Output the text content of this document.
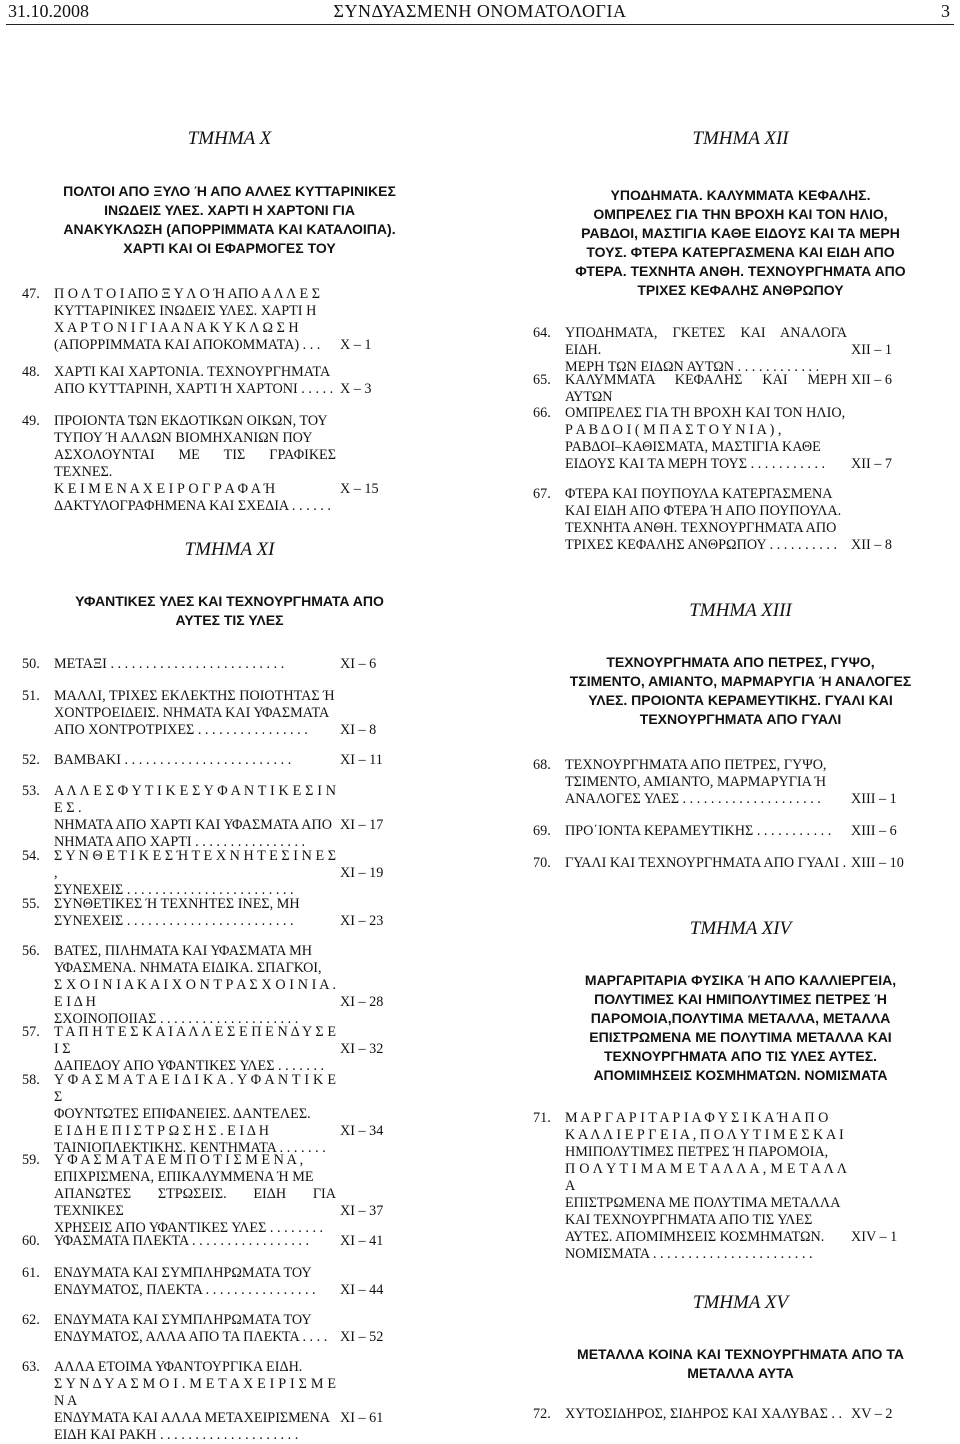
31.10.2008	ΣΥΝΔΥΑΣΜΕΝΗ ΟΝΟΜΑΤΟΛΟΓΙΑ	3
ΤΜΗΜΑ X
ΠΟΛΤΟΙ ΑΠΟ ΞΥΛΟ Ή ΑΠΟ ΑΛΛΕΣ ΚΥΤΤΑΡΙΝΙΚΕΣ
ΙΝΩΔΕΙΣ ΥΛΕΣ. ΧΑΡΤΙ Η ΧΑΡΤΟΝΙ ΓΙΑ
ΑΝΑΚΥΚΛΩΣΗ (ΑΠΟΡΡΙΜΜΑΤΑ ΚΑΙ ΚΑΤΑΛΟΙΠΑ).
ΧΑΡΤΙ ΚΑΙ ΟΙ ΕΦΑΡΜΟΓΕΣ ΤΟΥ
47.	Π Ο Λ Τ Ο Ι ΑΠΟ Ξ Υ Λ Ο Ή ΑΠΟ Α Λ Λ Ε Σ
ΚΥΤΤΑΡΙΝΙΚΕΣ ΙΝΩΔΕΙΣ ΥΛΕΣ. ΧΑΡΤΙ Η
Χ Α Ρ Τ Ο Ν Ι Γ Ι Α Α Ν Α Κ Υ Κ Λ Ω Σ Η
(ΑΠΟΡΡΙΜΜΑΤΑ ΚΑΙ ΑΠΟΚΟΜΜΑΤΑ) . . .	X – 1
48.	ΧΑΡΤΙ ΚΑΙ ΧΑΡΤΟΝΙΑ. ΤΕΧΝΟΥΡΓΗΜΑΤΑ
ΑΠΟ ΚΥΤΤΑΡΙΝΗ, ΧΑΡΤΙ Ή ΧΑΡΤΟΝΙ . . . . . X – 3
49.	ΠΡΟΙΟΝΤΑ ΤΩΝ ΕΚΔΟΤΙΚΩΝ ΟΙΚΩΝ, ΤΟΥ
ΤΥΠΟΥ Ή ΑΛΛΩΝ ΒΙΟΜΗΧΑΝΙΩΝ ΠΟΥ
ΑΣΧΟΛΟΥΝΤΑΙ ΜΕ ΤΙΣ ΓΡΑΦΙΚΕΣ ΤΕΧΝΕΣ.
Κ Ε Ι Μ Ε Ν Α Χ Ε Ι Ρ Ο Γ Ρ Α Φ Α Ή
ΔΑΚΤΥΛΟΓΡΑΦΗΜΕΝΑ ΚΑΙ ΣΧΕΔΙΑ . . . . . .
X – 15
ΤΜΗΜΑ XI
ΥΦΑΝΤΙΚΕΣ ΥΛΕΣ ΚΑΙ ΤΕΧΝΟΥΡΓΗΜΑΤΑ ΑΠΟ
ΑΥΤΕΣ ΤΙΣ ΥΛΕΣ
50.	ΜΕΤΑΞΙ . . . . . . . . . . . . . . . . . . . . . . . . .	XI – 6
51.	ΜΑΛΛΙ, ΤΡΙΧΕΣ ΕΚΛΕΚΤΗΣ ΠΟΙΟΤΗΤΑΣ Ή
ΧΟΝΤΡΟΕΙΔΕΙΣ. ΝΗΜΑΤΑ ΚΑΙ ΥΦΑΣΜΑΤΑ
ΑΠΟ ΧΟΝΤΡΟΤΡΙΧΕΣ . . . . . . . . . . . . . . . .	XI – 8
52.	ΒΑΜΒΑΚΙ . . . . . . . . . . . . . . . . . . . . . . . .	XI – 11
53.	Α Λ Λ Ε Σ Φ Υ Τ Ι Κ Ε Σ Υ Φ Α Ν Τ Ι Κ Ε Σ Ι Ν Ε Σ .
ΝΗΜΑΤΑ ΑΠΟ ΧΑΡΤΙ ΚΑΙ ΥΦΑΣΜΑΤΑ ΑΠΟ
ΝΗΜΑΤΑ ΑΠΟ ΧΑΡΤΙ . . . . . . . . . . . . . . . .
XI – 17
54.	Σ Υ Ν Θ Ε Τ Ι Κ Ε Σ Ή Τ Ε Χ Ν Η Τ Ε Σ Ι Ν Ε Σ ,
ΣΥΝΕΧΕΙΣ . . . . . . . . . . . . . . . . . . . . . . . .
XI – 19
55.	ΣΥΝΘΕΤΙΚΕΣ Ή ΤΕΧΝΗΤΕΣ ΙΝΕΣ, ΜΗ
ΣΥΝΕΧΕΙΣ . . . . . . . . . . . . . . . . . . . . . . . .	XI – 23
56.	ΒΑΤΕΣ, ΠΙΛΗΜΑΤΑ ΚΑΙ ΥΦΑΣΜΑΤΑ ΜΗ
ΥΦΑΣΜΕΝΑ. ΝΗΜΑΤΑ ΕΙΔΙΚΑ. ΣΠΑΓΚΟΙ,
Σ Χ Ο Ι Ν Ι Α Κ Α Ι Χ Ο Ν Τ Ρ Α Σ Χ Ο Ι Ν Ι Α . Ε Ι Δ Η
ΣΧΟΙΝΟΠΟΙΙΑΣ . . . . . . . . . . . . . . . . . . . .
XI – 28
57.	Τ Α Π Η Τ Ε Σ Κ Α Ι Α Λ Λ Ε Σ Ε Π Ε Ν Δ Υ Σ Ε Ι Σ
ΔΑΠΕΔΟΥ ΑΠΟ ΥΦΑΝΤΙΚΕΣ ΥΛΕΣ . . . . . . .
XI – 32
58.	Υ Φ Α Σ Μ Α Τ Α Ε Ι Δ Ι Κ Α . Υ Φ Α Ν Τ Ι Κ Ε Σ
ΦΟΥΝΤΩΤΕΣ ΕΠΙΦΑΝΕΙΕΣ. ΔΑΝΤΕΛΕΣ.
Ε Ι Δ Η Ε Π Ι Σ Τ Ρ Ω Σ Η Σ . Ε Ι Δ Η
ΤΑΙΝΙΟΠΛΕΚΤΙΚΗΣ. ΚΕΝΤΗΜΑΤΑ . . . . . . .
XI – 34
59.	Υ Φ Α Σ Μ Α Τ Α Ε Μ Π Ο Τ Ι Σ Μ Ε Ν Α ,
ΕΠΙΧΡΙΣΜΕΝΑ, ΕΠΙΚΑΛΥΜΜΕΝΑ Ή ΜΕ
ΑΠΑΝΩΤΕΣ ΣΤΡΩΣΕΙΣ. ΕΙΔΗ ΓΙΑ ΤΕΧΝΙΚΕΣ
ΧΡΗΣΕΙΣ ΑΠΟ ΥΦΑΝΤΙΚΕΣ ΥΛΕΣ . . . . . . . .
XI – 37
60.	ΥΦΑΣΜΑΤΑ ΠΛΕΚΤΑ . . . . . . . . . . . . . . . . .	XI – 41
61.	ΕΝΔΥΜΑΤΑ ΚΑΙ ΣΥΜΠΛΗΡΩΜΑΤΑ ΤΟΥ
ΕΝΔΥΜΑΤΟΣ, ΠΛΕΚΤΑ . . . . . . . . . . . . . . . .	XI – 44
62.	ΕΝΔΥΜΑΤΑ ΚΑΙ ΣΥΜΠΛΗΡΩΜΑΤΑ ΤΟΥ
ΕΝΔΥΜΑΤΟΣ, ΑΛΛΑ ΑΠΟ ΤΑ ΠΛΕΚΤΑ . . . . XI – 52
63.	ΑΛΛΑ ΕΤΟΙΜΑ ΥΦΑΝΤΟΥΡΓΙΚΑ ΕΙΔΗ.
Σ Υ Ν Δ Υ Α Σ Μ Ο Ι . Μ Ε Τ Α Χ Ε Ι Ρ Ι Σ Μ Ε Ν Α
ΕΝΔΥΜΑΤΑ ΚΑΙ ΑΛΛΑ ΜΕΤΑΧΕΙΡΙΣΜΕΝΑ
ΕΙΔΗ ΚΑΙ ΡΑΚΗ . . . . . . . . . . . . . . . . . . . .
XI – 61
ΤΜΗΜΑ XII
ΥΠΟΔΗΜΑΤΑ. ΚΑΛΥΜΜΑΤΑ ΚΕΦΑΛΗΣ.
ΟΜΠΡΕΛΕΣ ΓΙΑ ΤΗΝ ΒΡΟΧΗ ΚΑΙ ΤΟΝ ΗΛΙΟ,
ΡΑΒΔΟΙ, ΜΑΣΤΙΓΙΑ ΚΑΘΕ ΕΙΔΟΥΣ ΚΑΙ ΤΑ ΜΕΡΗ
ΤΟΥΣ. ΦΤΕΡΑ ΚΑΤΕΡΓΑΣΜΕΝΑ ΚΑΙ ΕΙΔΗ ΑΠΟ
ΦΤΕΡΑ. ΤΕΧΝΗΤΑ ΑΝΘΗ. ΤΕΧΝΟΥΡΓΗΜΑΤΑ ΑΠΟ
ΤΡΙΧΕΣ ΚΕΦΑΛΗΣ ΑΝΘΡΩΠΟΥ
64.	ΥΠΟΔΗΜΑΤΑ, ΓΚΕΤΕΣ ΚΑΙ ΑΝΑΛΟΓΑ ΕΙΔΗ.
ΜΕΡΗ ΤΩΝ ΕΙΔΩΝ ΑΥΤΩΝ . . . . . . . . . . . .
XII – 1
65.	ΚΑΛΥΜΜΑΤΑ ΚΕΦΑΛΗΣ ΚΑΙ ΜΕΡΗ ΑΥΤΩΝ
XII – 6
66.	ΟΜΠΡΕΛΕΣ ΓΙΑ ΤΗ ΒΡΟΧΗ ΚΑΙ ΤΟΝ ΗΛΙΟ,
Ρ Α Β Δ Ο Ι ( Μ Π Α Σ Τ Ο Υ Ν Ι Α ) ,
ΡΑΒΔΟΙ–ΚΑΘΙΣΜΑΤΑ, ΜΑΣΤΙΓΙΑ ΚΑΘΕ
ΕΙΔΟΥΣ ΚΑΙ ΤΑ ΜΕΡΗ ΤΟΥΣ . . . . . . . . . . .	XII – 7
67.	ΦΤΕΡΑ ΚΑΙ ΠΟΥΠΟΥΛΑ ΚΑΤΕΡΓΑΣΜΕΝΑ
ΚΑΙ ΕΙΔΗ ΑΠΟ ΦΤΕΡΑ Ή ΑΠΟ ΠΟΥΠΟΥΛΑ.
ΤΕΧΝΗΤΑ ΑΝΘΗ. ΤΕΧΝΟΥΡΓΗΜΑΤΑ ΑΠΟ
ΤΡΙΧΕΣ ΚΕΦΑΛΗΣ ΑΝΘΡΩΠΟΥ . . . . . . . . . . XII – 8
ΤΜΗΜΑ XIII
ΤΕΧΝΟΥΡΓΗΜΑΤΑ ΑΠΟ ΠΕΤΡΕΣ, ΓΥΨΟ,
ΤΣΙΜΕΝΤΟ, ΑΜΙΑΝΤΟ, ΜΑΡΜΑΡΥΓΙΑ Ή ΑΝΑΛΟΓΕΣ
ΥΛΕΣ. ΠΡΟΙΟΝΤΑ ΚΕΡΑΜΕΥΤΙΚΗΣ. ΓΥΑΛΙ ΚΑΙ
ΤΕΧΝΟΥΡΓΗΜΑΤΑ ΑΠΟ ΓΥΑΛΙ
68.	ΤΕΧΝΟΥΡΓΗΜΑΤΑ ΑΠΟ ΠΕΤΡΕΣ, ΓΥΨΟ,
ΤΣΙΜΕΝΤΟ, ΑΜΙΑΝΤΟ, ΜΑΡΜΑΡΥΓΙΑ Ή
ΑΝΑΛΟΓΕΣ ΥΛΕΣ . . . . . . . . . . . . . . . . . . . .	XIII – 1
69.	ΠΡΟ΄ΙΟΝΤΑ ΚΕΡΑΜΕΥΤΙΚΗΣ . . . . . . . . . . .	XIII – 6
70.	ΓΥΑΛΙ ΚΑΙ ΤΕΧΝΟΥΡΓΗΜΑΤΑ ΑΠΟ ΓΥΑΛΙ . XIII – 10
ΤΜΗΜΑ XIV
ΜΑΡΓΑΡΙΤΑΡΙΑ ΦΥΣΙΚΑ Ή ΑΠΟ ΚΑΛΛΙΕΡΓΕΙΑ,
ΠΟΛΥΤΙΜΕΣ ΚΑΙ ΗΜΙΠΟΛΥΤΙΜΕΣ ΠΕΤΡΕΣ Ή
ΠΑΡΟΜΟΙΑ,ΠΟΛΥΤΙΜΑ ΜΕΤΑΛΛΑ, ΜΕΤΑΛΛΑ
ΕΠΙΣΤΡΩΜΕΝΑ ΜΕ ΠΟΛΥΤΙΜΑ ΜΕΤΑΛΛΑ ΚΑΙ
ΤΕΧΝΟΥΡΓΗΜΑΤΑ ΑΠΟ ΤΙΣ ΥΛΕΣ ΑΥΤΕΣ.
ΑΠΟΜΙΜΗΣΕΙΣ ΚΟΣΜΗΜΑΤΩΝ. ΝΟΜΙΣΜΑΤΑ
71.	Μ Α Ρ Γ Α Ρ Ι Τ Α Ρ Ι Α Φ Υ Σ Ι Κ Α Ή Α Π Ο
Κ Α Λ Λ Ι Ε Ρ Γ Ε Ι Α , Π Ο Λ Υ Τ Ι Μ Ε Σ Κ Α Ι
ΗΜΙΠΟΛΥΤΙΜΕΣ ΠΕΤΡΕΣ Ή ΠΑΡΟΜΟΙΑ,
Π Ο Λ Υ Τ Ι Μ Α Μ Ε Τ Α Λ Λ Α , Μ Ε Τ Α Λ Λ Α
ΕΠΙΣΤΡΩΜΕΝΑ ΜΕ ΠΟΛΥΤΙΜΑ ΜΕΤΑΛΛΑ
ΚΑΙ ΤΕΧΝΟΥΡΓΗΜΑΤΑ ΑΠΟ ΤΙΣ ΥΛΕΣ
ΑΥΤΕΣ. ΑΠΟΜΙΜΗΣΕΙΣ ΚΟΣΜΗΜΑΤΩΝ.
ΝΟΜΙΣΜΑΤΑ . . . . . . . . . . . . . . . . . . . . . . .
XIV – 1
ΤΜΗΜΑ XV
ΜΕΤΑΛΛΑ ΚΟΙΝΑ ΚΑΙ ΤΕΧΝΟΥΡΓΗΜΑΤΑ ΑΠΟ ΤΑ
ΜΕΤΑΛΛΑ ΑΥΤΑ
72.	ΧΥΤΟΣΙΔΗΡΟΣ, ΣΙΔΗΡΟΣ ΚΑΙ ΧΑΛΥΒΑΣ . . XV – 2
